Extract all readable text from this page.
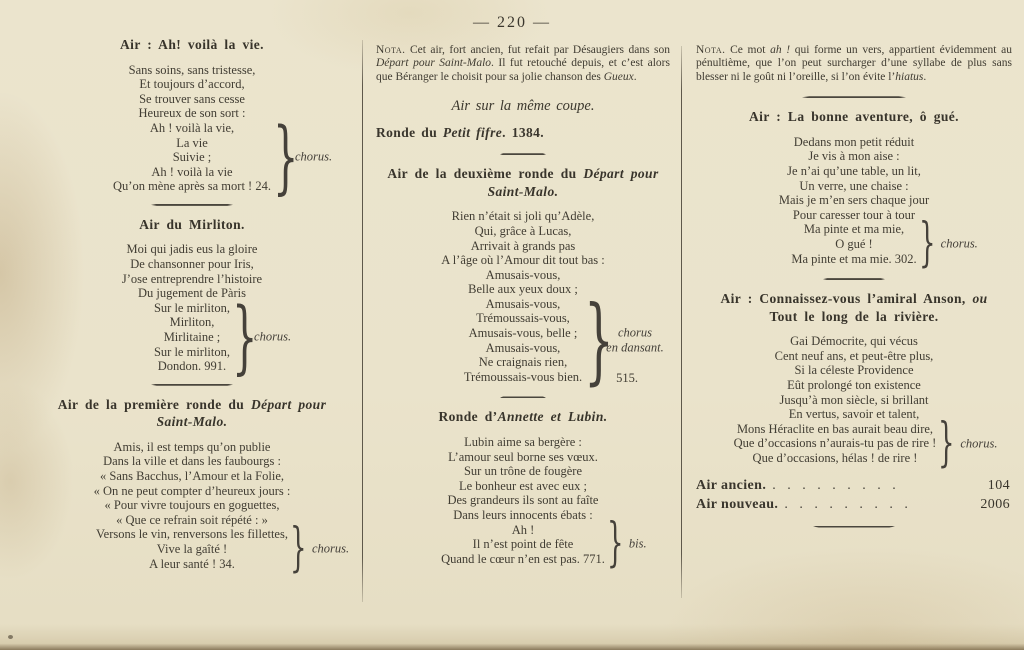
— 220 —
Air : Ah! voilà la vie.
Sans soins, sans tristesse,
Et toujours d’accord,
Se trouver sans cesse
Heureux de son sort :
Ah ! voilà la vie,
La vie
Suivie ;
Ah ! voilà la vie
Qu’on mène après sa mort ! 24. }
chorus.
Air du Mirliton.
Moi qui jadis eus la gloire
De chansonner pour Iris,
J’ose entreprendre l’histoire
Du jugement de Pàris
Sur le mirliton,
Mirliton,
Mirlitaine ;
Sur le mirliton,
Dondon. 991. }
chorus.
Air de la première ronde du Départ pour
Saint-Malo.
Amis, il est temps qu’on publie
Dans la ville et dans les faubourgs :
« Sans Bacchus, l’Amour et la Folie,
« On ne peut compter d’heureux jours :
« Pour vivre toujours en goguettes,
« Que ce refrain soit répété : »
Versons le vin, renversons les fillettes,
Vive la gaîté !
A leur santé ! 34.	} chorus.
Nota. Cet air, fort ancien, fut refait par Désaugiers dans son Départ pour Saint-Malo. Il fut retouché depuis, et c’est alors que Béranger le choisit pour sa jolie chanson des Gueux.
Air sur la même coupe.
Ronde du Petit fifre. 1384.
Air de la deuxième ronde du Départ pour
Saint-Malo.
Rien n’était si joli qu’Adèle,
Qui, grâce à Lucas,
Arrivait à grands pas
A l’âge où l’Amour dit tout bas :
Amusais-vous,
Belle aux yeux doux ;
Amusais-vous,
Trémoussais-vous,
Amusais-vous, belle ;
Amusais-vous,
Ne craignais rien,
Trémoussais-vous bien. } chorus
en dansant.
515.
Ronde d’Annette et Lubin.
Lubin aime sa bergère :
L’amour seul borne ses vœux.
Sur un trône de fougère
Le bonheur est avec eux ;
Des grandeurs ils sont au faîte
Dans leurs innocents ébats :
Ah !
Il n’est point de fête
Quand le cœur n’en est pas. 771. } bis.
Nota. Ce mot ah ! qui forme un vers, appartient évidemment au pénultième, que l’on peut surcharger d’une syllabe de plus sans blesser ni le goût ni l’oreille, si l’on évite l’hiatus.
Air : La bonne aventure, ô gué.
Dedans mon petit réduit
Je vis à mon aise :
Je n’ai qu’une table, un lit,
Un verre, une chaise :
Mais je m’en sers chaque jour
Pour caresser tour à tour
Ma pinte et ma mie,
O gué !
Ma pinte et ma mie. 302. } chorus.
Air : Connaissez-vous l’amiral Anson, ou
Tout le long de la rivière.
Gai Démocrite, qui vécus
Cent neuf ans, et peut-être plus,
Si la céleste Providence
Eût prolongé ton existence
Jusqu’à mon siècle, si brillant
En vertus, savoir et talent,
Mons Héraclite en bas aurait beau dire,
Que d’occasions n’aurais-tu pas de rire !
Que d’occasions, hélas ! de rire ! } chorus.
Air ancien. . . . . . . . . .	104
Air nouveau. . . . . . . . . .	2006
